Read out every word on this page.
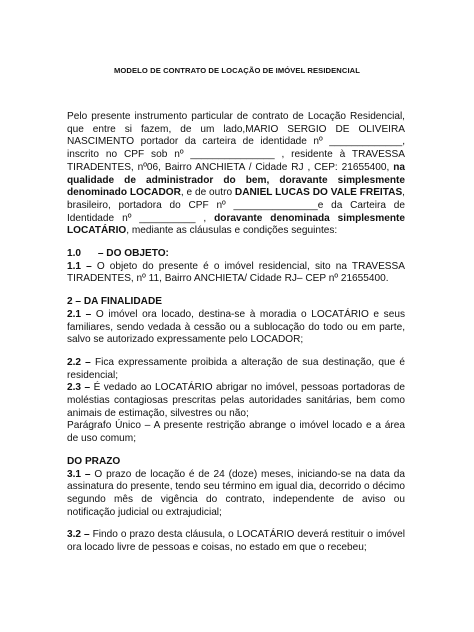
MODELO DE CONTRATO DE LOCAÇÃO DE IMÓVEL RESIDENCIAL

Pelo presente instrumento particular de contrato de Locação Residencial, que entre si fazem, de um lado,MARIO SERGIO DE OLIVEIRA NASCIMENTO portador da carteira de identidade nº _____________, inscrito no CPF sob nº _______________ , residente à TRAVESSA TIRADENTES, nº06, Bairro ANCHIETA / Cidade RJ , CEP: 21655400, na qualidade de administrador do bem, doravante simplesmente denominado LOCADOR, e de outro DANIEL LUCAS DO VALE FREITAS, brasileiro, portadora do CPF nº _______________e da Carteira de Identidade nº __________ , doravante denominada simplesmente LOCATÁRIO, mediante as cláusulas e condições seguintes:

1.0      – DO OBJETO:

1.1 – O objeto do presente é o imóvel residencial, sito na TRAVESSA TIRADENTES, nº 11, Bairro ANCHIETA/ Cidade RJ– CEP nº 21655400.

2 – DA FINALIDADE

2.1 – O imóvel ora locado, destina-se à moradia o LOCATÁRIO e seus familiares, sendo vedada à cessão ou a sublocação do todo ou em parte, salvo se autorizado expressamente pelo LOCADOR;

2.2 – Fica expressamente proibida a alteração de sua destinação, que é residencial;

2.3 – É vedado ao LOCATÁRIO abrigar no imóvel, pessoas portadoras de moléstias contagiosas prescritas pelas autoridades sanitárias, bem como animais de estimação, silvestres ou não;

Parágrafo Único – A presente restrição abrange o imóvel locado e a área de uso comum;

DO PRAZO

3.1 – O prazo de locação é de 24 (doze) meses, iniciando-se na data da assinatura do presente, tendo seu término em igual dia, decorrido o décimo segundo mês de vigência do contrato, independente de aviso ou notificação judicial ou extrajudicial;

3.2 – Findo o prazo desta cláusula, o LOCATÁRIO deverá restituir o imóvel ora locado livre de pessoas e coisas, no estado em que o recebeu;
